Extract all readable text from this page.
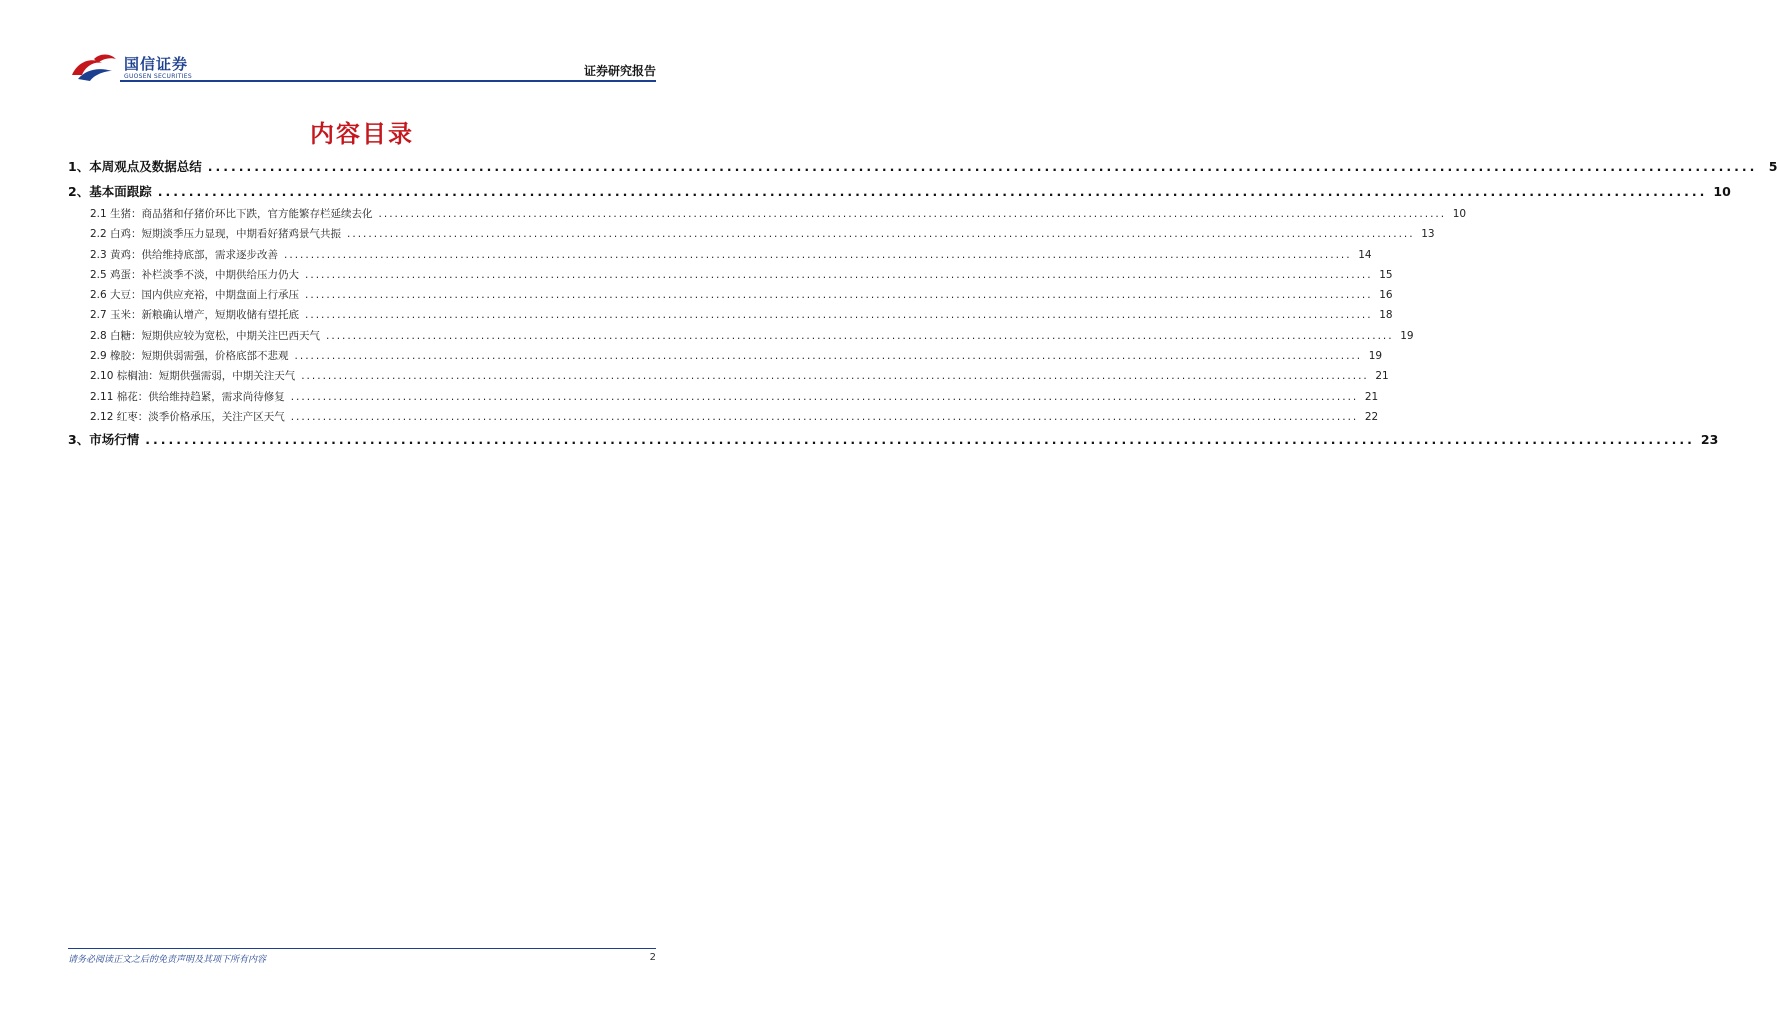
国信证券
GUOSEN SECURITIES	证券研究报告
内容目录
1、本周观点及数据总结 ........................................................................................................................................................................................................ 5
2、基本面跟踪 ........................................................................................................................................................................................................ 10
2.1 生猪：商品猪和仔猪价环比下跌，官方能繁存栏延续去化 ........................................................................................................................................................................................................ 10
2.2 白鸡：短期淡季压力显现，中期看好猪鸡景气共振 ........................................................................................................................................................................................................ 13
2.3 黄鸡：供给维持底部，需求逐步改善 ........................................................................................................................................................................................................ 14
2.5 鸡蛋：补栏淡季不淡，中期供给压力仍大 ........................................................................................................................................................................................................ 15
2.6 大豆：国内供应充裕，中期盘面上行承压 ........................................................................................................................................................................................................ 16
2.7 玉米：新粮确认增产，短期收储有望托底 ........................................................................................................................................................................................................ 18
2.8 白糖：短期供应较为宽松，中期关注巴西天气 ........................................................................................................................................................................................................ 19
2.9 橡胶：短期供弱需强，价格底部不悲观 ........................................................................................................................................................................................................ 19
2.10 棕榈油：短期供强需弱，中期关注天气 ........................................................................................................................................................................................................ 21
2.11 棉花：供给维持趋紧，需求尚待修复 ........................................................................................................................................................................................................ 21
2.12 红枣：淡季价格承压，关注产区天气 ........................................................................................................................................................................................................ 22
3、市场行情 ........................................................................................................................................................................................................ 23
请务必阅读正文之后的免责声明及其项下所有内容	2
